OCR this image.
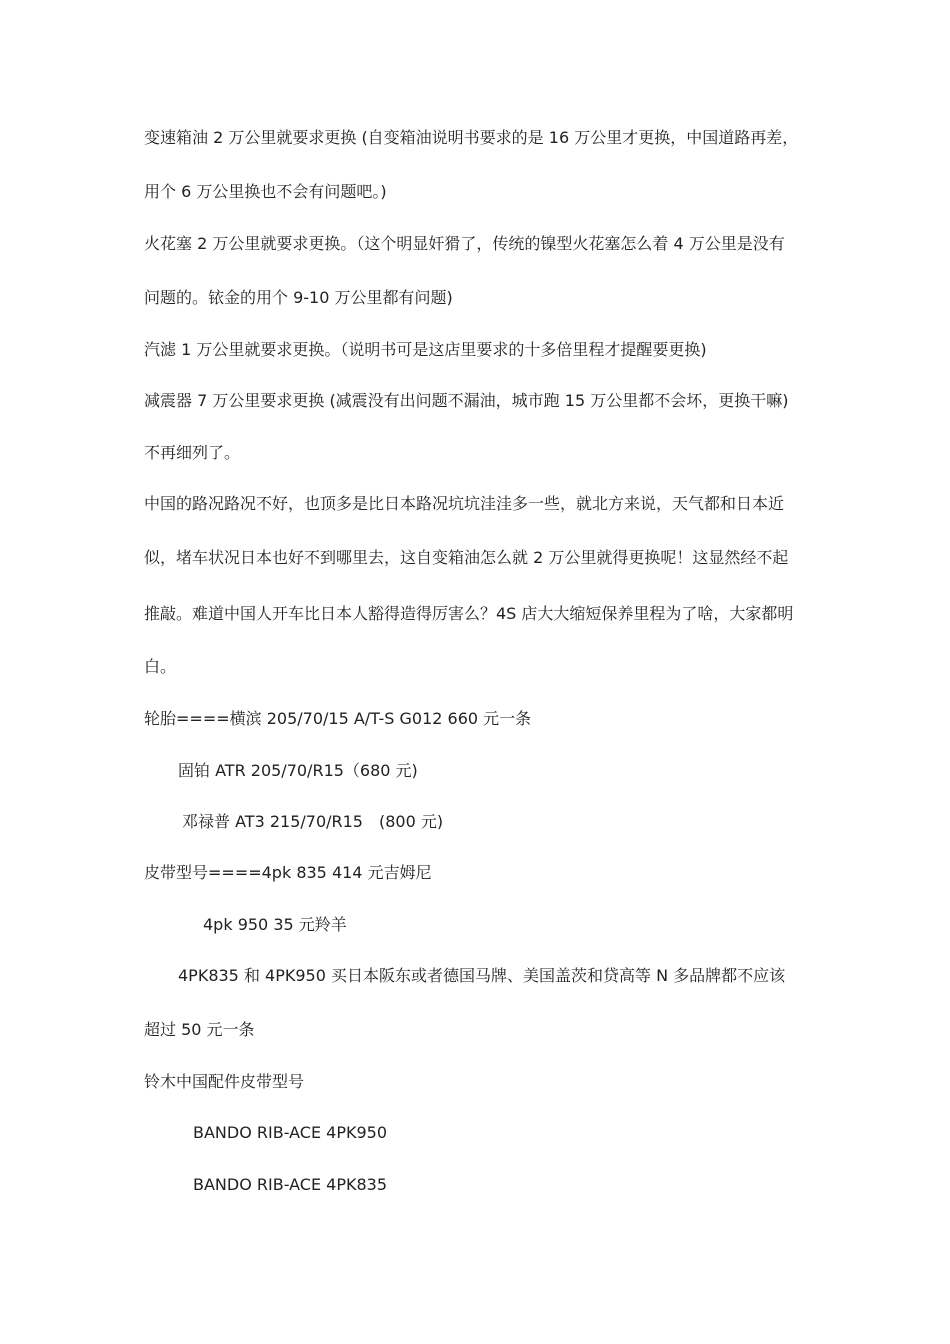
变速箱油 2 万公里就要求更换 (自变箱油说明书要求的是 16 万公里才更换，中国道路再差，
用个 6 万公里换也不会有问题吧。)
火花塞 2 万公里就要求更换。（这个明显奸猾了，传统的镍型火花塞怎么着 4 万公里是没有
问题的。铱金的用个 9-10 万公里都有问题)
汽滤 1 万公里就要求更换。（说明书可是这店里要求的十多倍里程才提醒要更换)
减震器 7 万公里要求更换 (减震没有出问题不漏油，城市跑 15 万公里都不会坏，更换干嘛)
不再细列了。
中国的路况路况不好，也顶多是比日本路况坑坑洼洼多一些，就北方来说，天气都和日本近
似，堵车状况日本也好不到哪里去，这自变箱油怎么就 2 万公里就得更换呢！这显然经不起
推敲。难道中国人开车比日本人豁得造得厉害么？4S 店大大缩短保养里程为了啥，大家都明
白。
轮胎====横滨 205/70/15 A/T-S G012 660 元一条
固铂 ATR 205/70/R15（680 元)
邓禄普 AT3 215/70/R15　(800 元)
皮带型号====4pk 835 414 元吉姆尼
4pk 950 35 元羚羊
4PK835 和 4PK950 买日本阪东或者德国马牌、美国盖茨和贷高等 N 多品牌都不应该
超过 50 元一条
铃木中国配件皮带型号
BANDO RIB-ACE 4PK950
BANDO RIB-ACE 4PK835
